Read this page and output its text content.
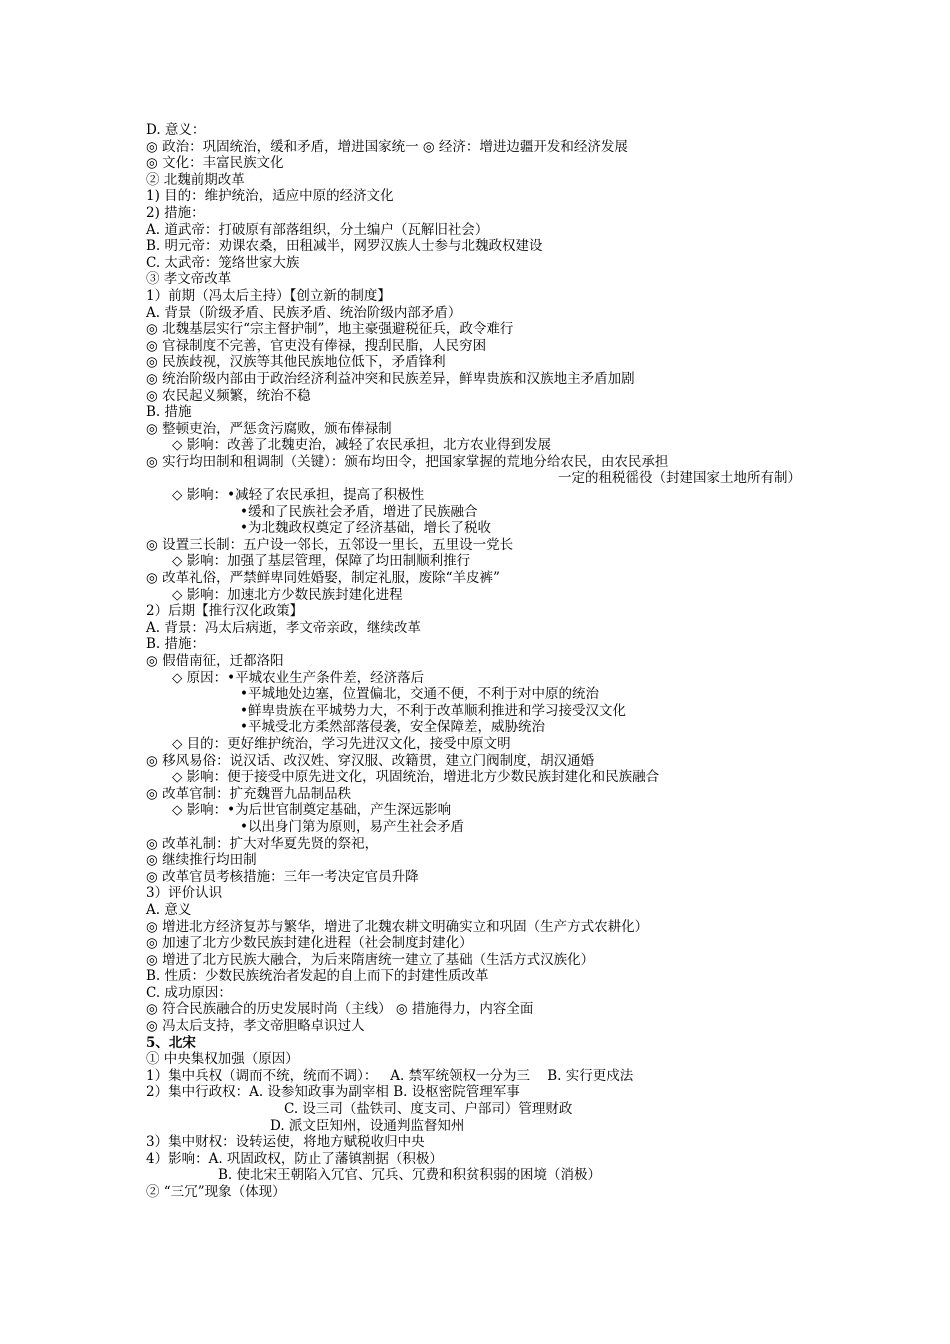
D. 意义：
◎ 政治：巩固统治，缓和矛盾，增进国家统一 ◎ 经济：增进边疆开发和经济发展
◎ 文化：丰富民族文化
② 北魏前期改革
1) 目的：维护统治，适应中原的经济文化
2) 措施：
A. 道武帝：打破原有部落组织，分土编户（瓦解旧社会）
B. 明元帝：劝课农桑，田租减半，网罗汉族人士参与北魏政权建设
C. 太武帝：笼络世家大族
③ 孝文帝改革
1）前期（冯太后主持）【创立新的制度】
A. 背景（阶级矛盾、民族矛盾、统治阶级内部矛盾）
◎ 北魏基层实行“宗主督护制”，地主豪强避税征兵，政令难行
◎ 官禄制度不完善，官吏没有俸禄，搜刮民脂，人民穷困
◎ 民族歧视，汉族等其他民族地位低下，矛盾锋利
◎ 统治阶级内部由于政治经济利益冲突和民族差异，鲜卑贵族和汉族地主矛盾加剧
◎ 农民起义频繁，统治不稳
B. 措施
◎ 整顿吏治，严惩贪污腐败，颁布俸禄制
◇ 影响：改善了北魏吏治，减轻了农民承担，北方农业得到发展
◎ 实行均田制和租调制（关键）：颁布均田令，把国家掌握的荒地分给农民，由农民承担
一定的租税徭役（封建国家土地所有制）
◇ 影响：•减轻了农民承担，提高了积极性
•缓和了民族社会矛盾，增进了民族融合
•为北魏政权奠定了经济基础，增长了税收
◎ 设置三长制：五户设一邻长，五邻设一里长，五里设一党长
◇ 影响：加强了基层管理，保障了均田制顺利推行
◎ 改革礼俗，严禁鲜卑同姓婚娶，制定礼服，废除“羊皮裤”
◇ 影响：加速北方少数民族封建化进程
2）后期【推行汉化政策】
A. 背景：冯太后病逝，孝文帝亲政，继续改革
B. 措施：
◎ 假借南征，迁都洛阳
◇ 原因：•平城农业生产条件差，经济落后
•平城地处边塞，位置偏北，交通不便，不利于对中原的统治
•鲜卑贵族在平城势力大，不利于改革顺利推进和学习接受汉文化
•平城受北方柔然部落侵袭，安全保障差，威胁统治
◇ 目的：更好维护统治，学习先进汉文化，接受中原文明
◎ 移风易俗：说汉话、改汉姓、穿汉服、改籍贯，建立门阀制度，胡汉通婚
◇ 影响：便于接受中原先进文化，巩固统治，增进北方少数民族封建化和民族融合
◎ 改革官制：扩充魏晋九品制品秩
◇ 影响：•为后世官制奠定基础，产生深远影响
•以出身门第为原则，易产生社会矛盾
◎ 改革礼制：扩大对华夏先贤的祭祀，
◎ 继续推行均田制
◎ 改革官员考核措施：三年一考决定官员升降
3）评价认识
A. 意义
◎ 增进北方经济复苏与繁华，增进了北魏农耕文明确实立和巩固（生产方式农耕化）
◎ 加速了北方少数民族封建化进程（社会制度封建化）
◎ 增进了北方民族大融合，为后来隋唐统一建立了基础（生活方式汉族化）
B. 性质：少数民族统治者发起的自上而下的封建性质改革
C. 成功原因：
◎ 符合民族融合的历史发展时尚（主线） ◎ 措施得力，内容全面
◎ 冯太后支持，孝文帝胆略卓识过人
5、北宋
① 中央集权加强（原因）
1）集中兵权（调而不统，统而不调）：   A. 禁军统领权一分为三    B. 实行更戍法
2）集中行政权：A. 设参知政事为副宰相 B. 设枢密院管理军事
C. 设三司（盐铁司、度支司、户部司）管理财政
D. 派文臣知州，设通判监督知州
3）集中财权：设转运使，将地方赋税收归中央
4）影响：A. 巩固政权，防止了藩镇割据（积极）
B. 使北宋王朝陷入冗官、冗兵、冗费和积贫积弱的困境（消极）
② “三冗”现象（体现）
